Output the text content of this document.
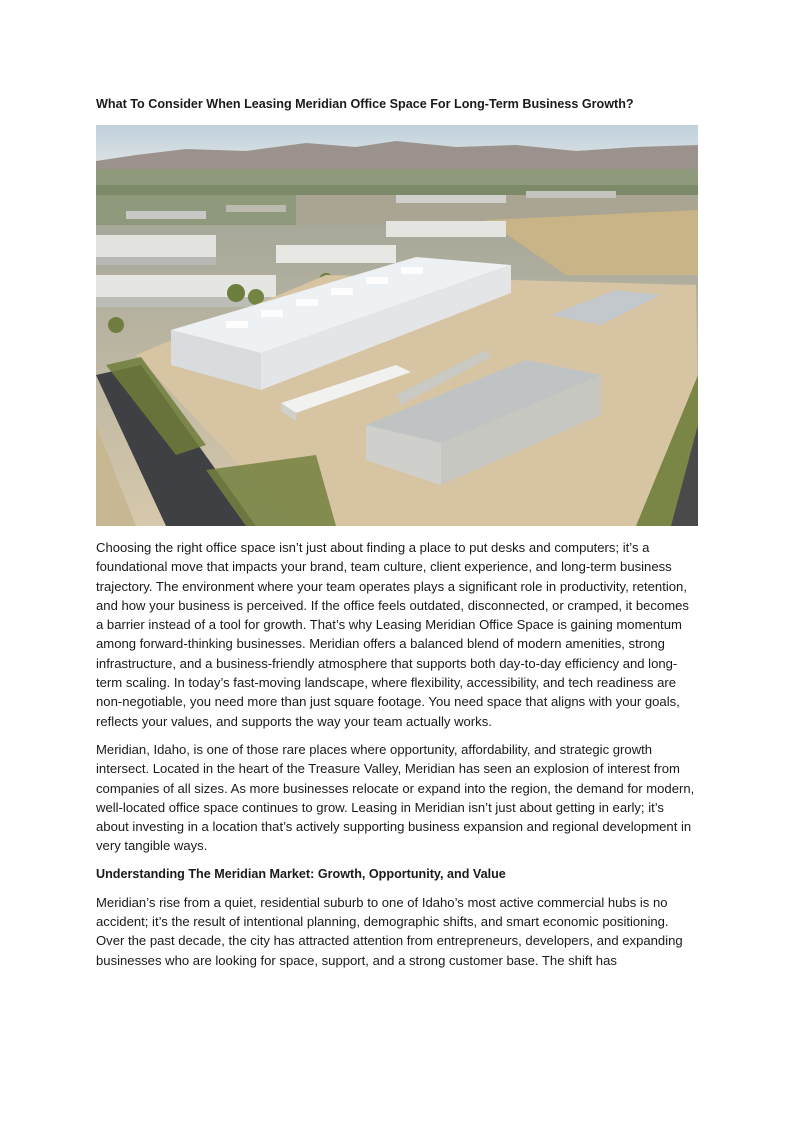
What To Consider When Leasing Meridian Office Space For Long-Term Business Growth?

Choosing the right office space isn’t just about finding a place to put desks and computers; it’s a foundational move that impacts your brand, team culture, client experience, and long-term business trajectory. The environment where your team operates plays a significant role in productivity, retention, and how your business is perceived. If the office feels outdated, disconnected, or cramped, it becomes a barrier instead of a tool for growth. That’s why Leasing Meridian Office Space is gaining momentum among forward-thinking businesses. Meridian offers a balanced blend of modern amenities, strong infrastructure, and a business-friendly atmosphere that supports both day-to-day efficiency and long-term scaling. In today’s fast-moving landscape, where flexibility, accessibility, and tech readiness are non-negotiable, you need more than just square footage. You need space that aligns with your goals, reflects your values, and supports the way your team actually works.

Meridian, Idaho, is one of those rare places where opportunity, affordability, and strategic growth intersect. Located in the heart of the Treasure Valley, Meridian has seen an explosion of interest from companies of all sizes. As more businesses relocate or expand into the region, the demand for modern, well-located office space continues to grow. Leasing in Meridian isn’t just about getting in early; it’s about investing in a location that’s actively supporting business expansion and regional development in very tangible ways.

Understanding The Meridian Market: Growth, Opportunity, and Value

Meridian’s rise from a quiet, residential suburb to one of Idaho’s most active commercial hubs is no accident; it’s the result of intentional planning, demographic shifts, and smart economic positioning. Over the past decade, the city has attracted attention from entrepreneurs, developers, and expanding businesses who are looking for space, support, and a strong customer base. The shift has
